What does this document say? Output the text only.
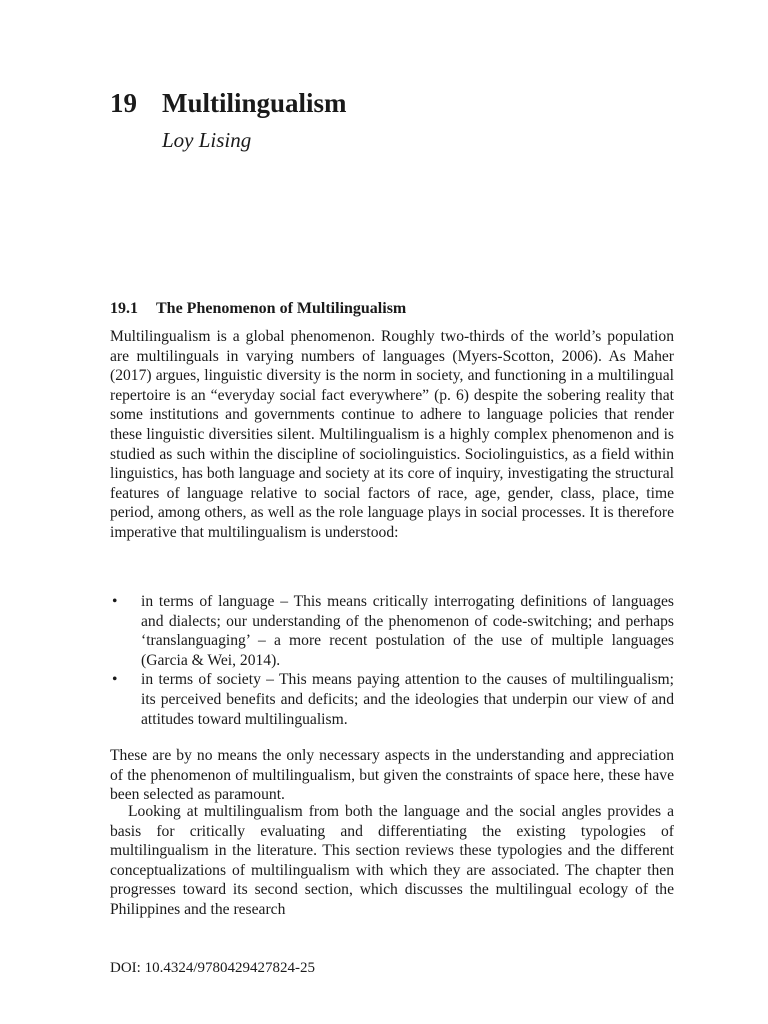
19 Multilingualism

Loy Lising

19.1 The Phenomenon of Multilingualism

Multilingualism is a global phenomenon. Roughly two-thirds of the world’s population are multilinguals in varying numbers of languages (Myers-Scotton, 2006). As Maher (2017) argues, linguistic diversity is the norm in society, and functioning in a multilingual repertoire is an “everyday social fact everywhere” (p. 6) despite the sobering reality that some institutions and governments continue to adhere to language policies that render these linguistic diversities silent. Multilingualism is a highly complex phenomenon and is studied as such within the discipline of sociolinguistics. Sociolinguistics, as a field within linguistics, has both language and society at its core of inquiry, investigating the structural features of language relative to social factors of race, age, gender, class, place, time period, among others, as well as the role language plays in social processes. It is therefore imperative that multilingualism is understood:

• in terms of language – This means critically interrogating definitions of languages and dialects; our understanding of the phenomenon of code-switching; and perhaps ‘translanguaging’ – a more recent postulation of the use of multiple languages (Garcia & Wei, 2014).
• in terms of society – This means paying attention to the causes of multilingualism; its perceived benefits and deficits; and the ideologies that underpin our view of and attitudes toward multilingualism.

These are by no means the only necessary aspects in the understanding and appreciation of the phenomenon of multilingualism, but given the constraints of space here, these have been selected as paramount.

Looking at multilingualism from both the language and the social angles provides a basis for critically evaluating and differentiating the existing typologies of multilingualism in the literature. This section reviews these typologies and the different conceptualizations of multilingualism with which they are associated. The chapter then progresses toward its second section, which discusses the multilingual ecology of the Philippines and the research

DOI: 10.4324/9780429427824-25
